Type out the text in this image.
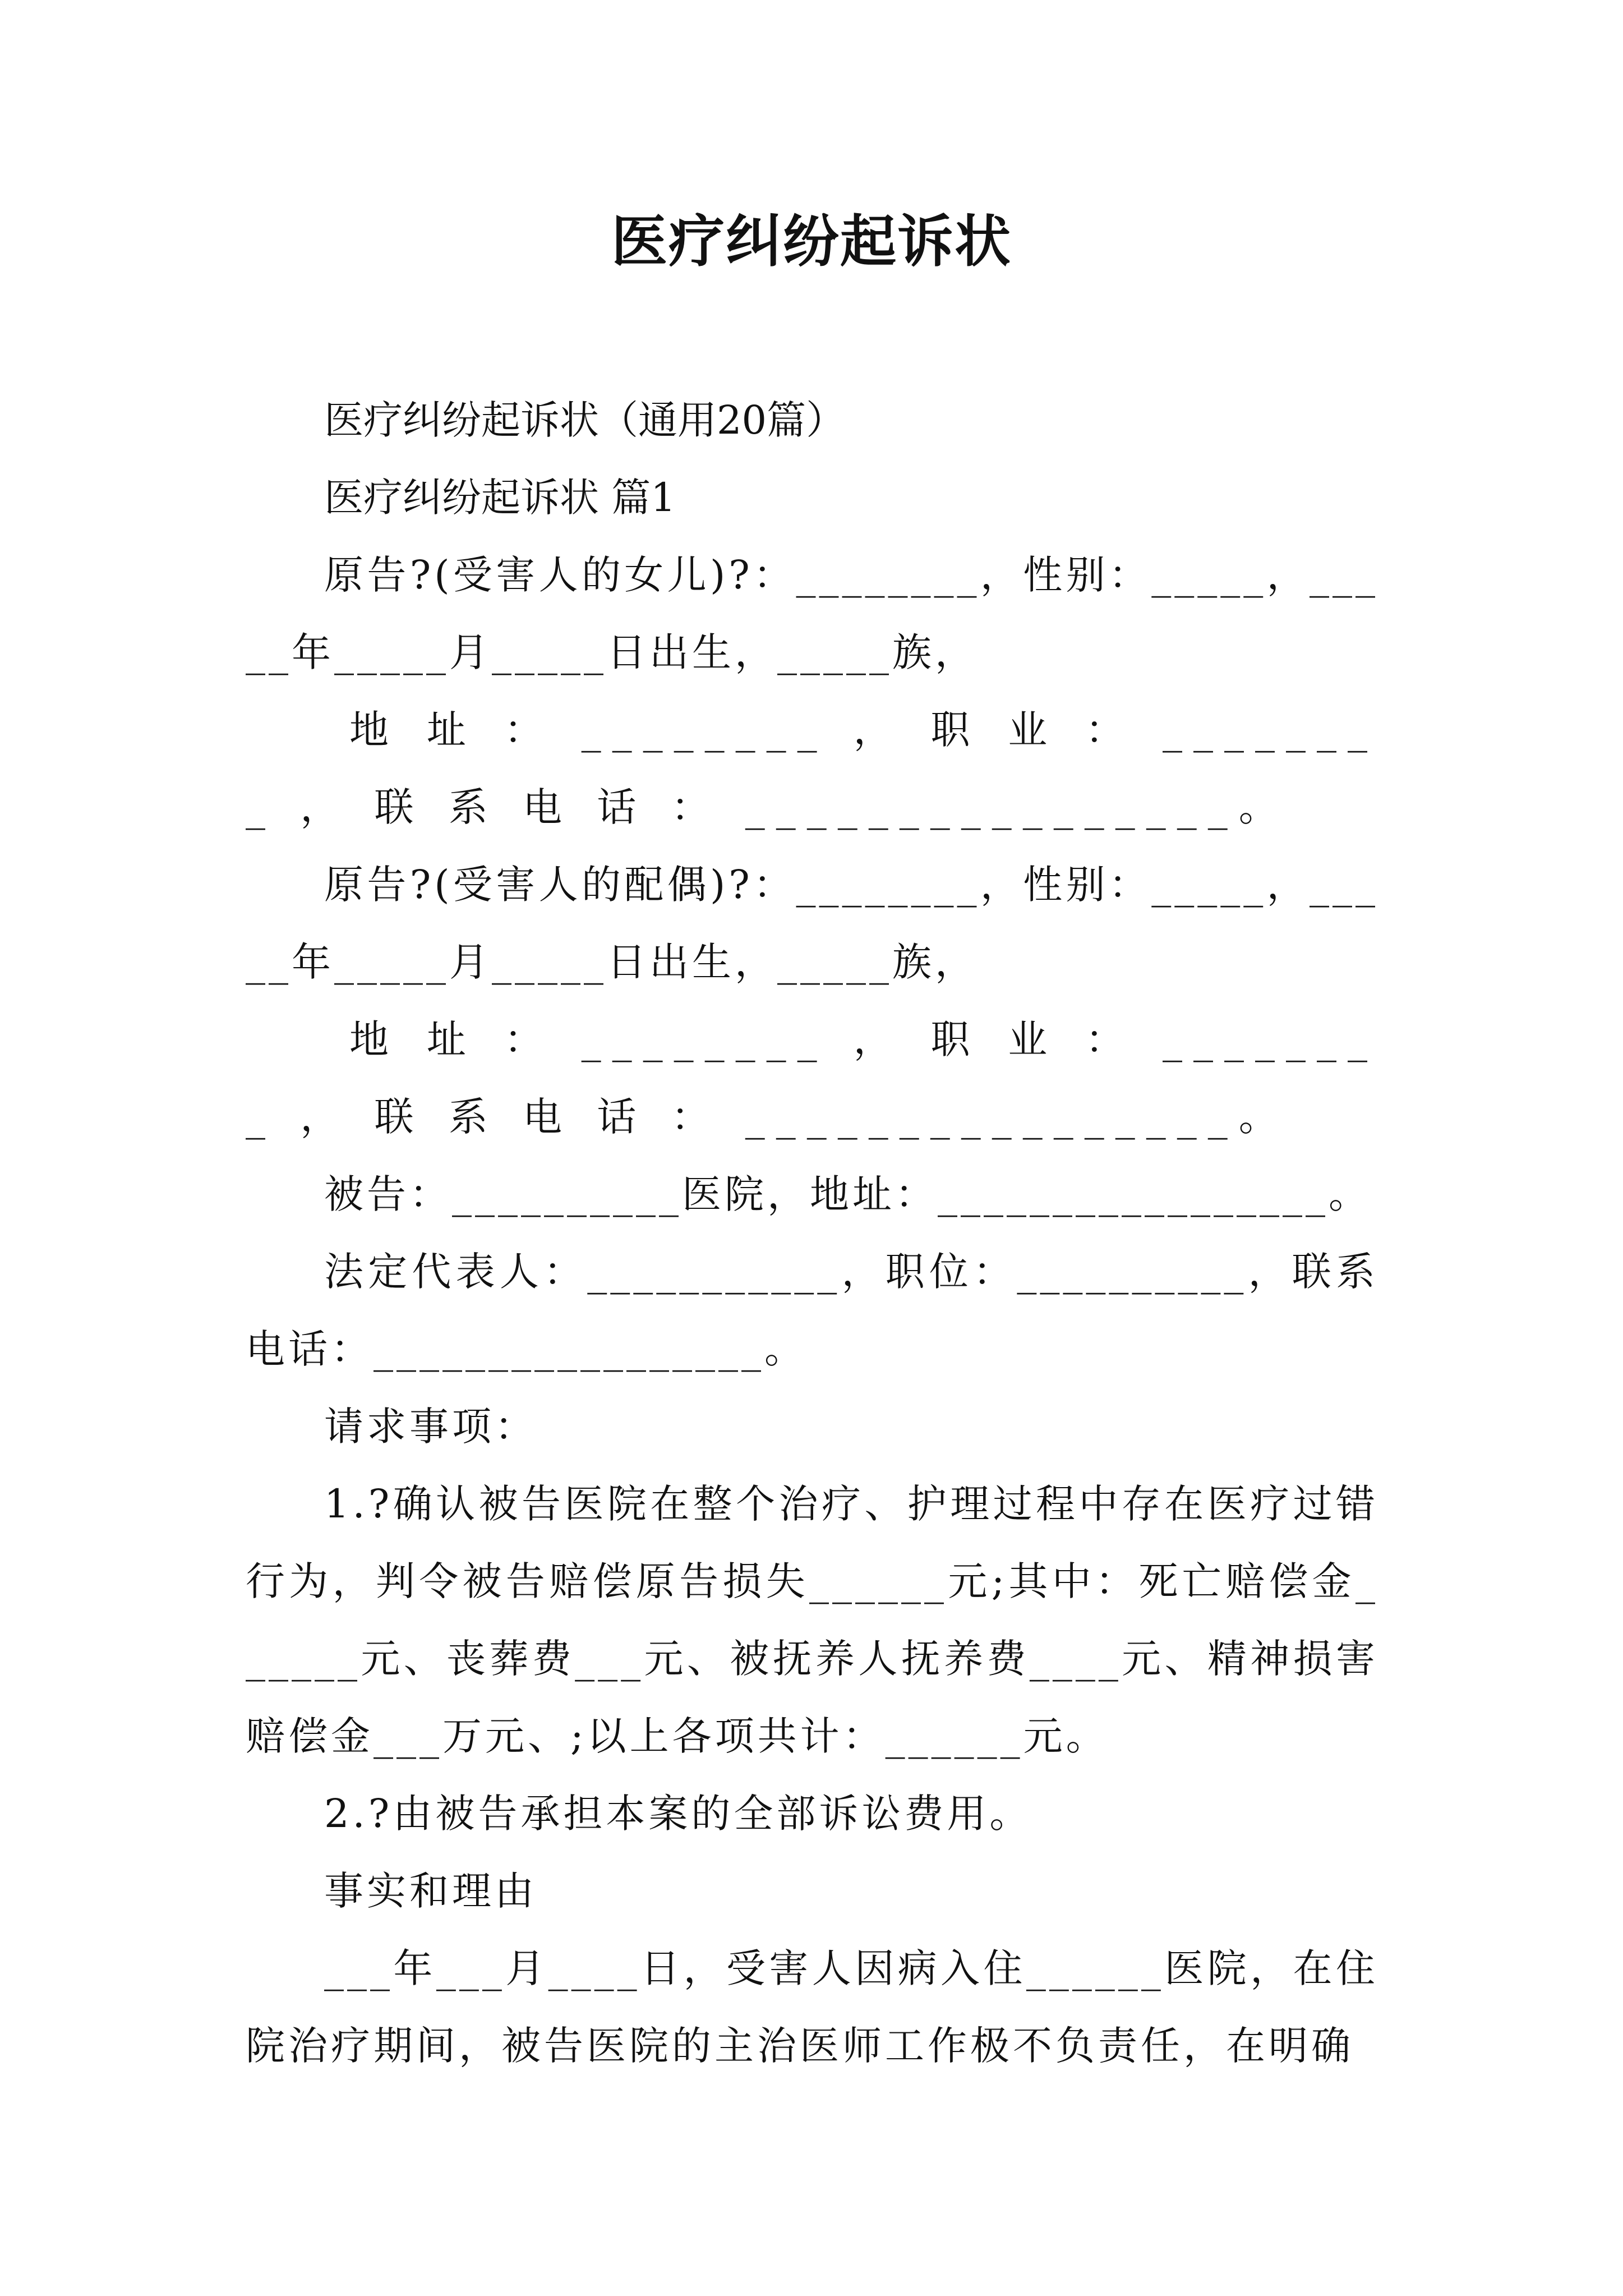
医疗纠纷起诉状

医疗纠纷起诉状（通用20篇）

医疗纠纷起诉状 篇1

原告?(受害人的女儿)?：________，性别：_____，_____年_____月_____日出生，_____族，

地 址 ： ________ ， 职 业 ： ________ ， 联 系 电 话 ： ________________。

原告?(受害人的配偶)?：________，性别：_____，_____年_____月_____日出生，_____族，

地 址 ： ________ ， 职 业 ： ________ ， 联 系 电 话 ： ________________。

被告：__________医院，地址：_________________。

法定代表人：___________，职位：__________，联系电话：_________________。

请求事项：

1.?确认被告医院在整个治疗、护理过程中存在医疗过错行为，判令被告赔偿原告损失______元;其中：死亡赔偿金______元、丧葬费___元、被抚养人抚养费____元、精神损害赔偿金___万元、;以上各项共计：______元。

2.?由被告承担本案的全部诉讼费用。

事实和理由

___年___月____日，受害人因病入住______医院，在住院治疗期间，被告医院的主治医师工作极不负责任，在明确
